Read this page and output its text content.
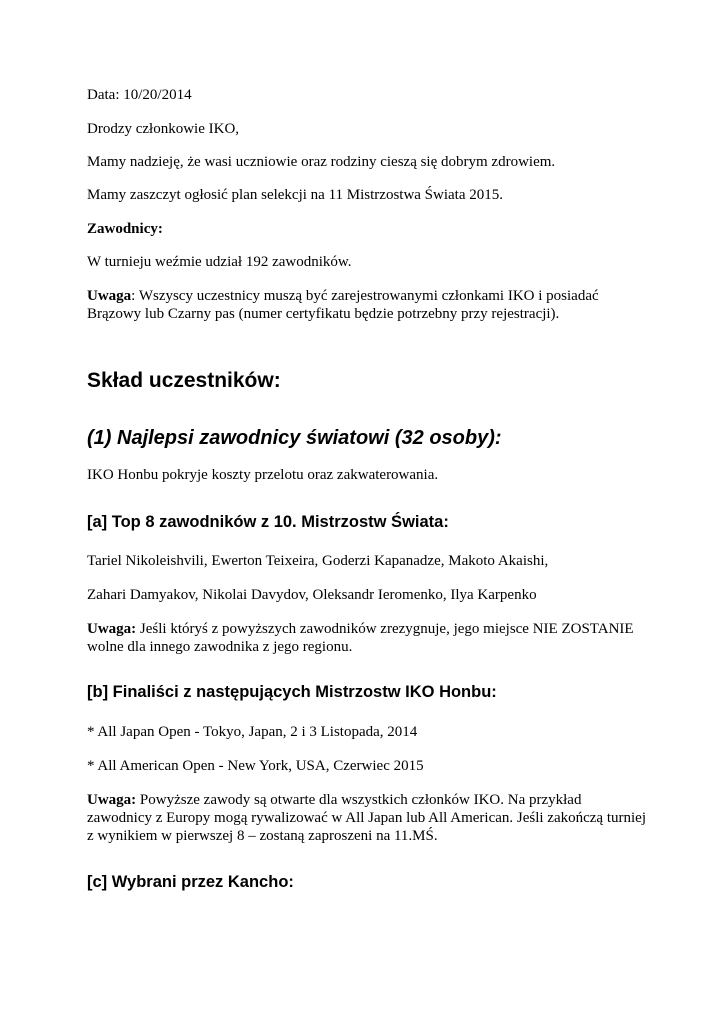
Data: 10/20/2014

Drodzy członkowie IKO,

Mamy nadzieję, że wasi uczniowie oraz rodziny cieszą się dobrym zdrowiem.

Mamy zaszczyt ogłosić plan selekcji na 11 Mistrzostwa Świata 2015.

Zawodnicy:

W turnieju weźmie udział 192 zawodników.

Uwaga: Wszyscy uczestnicy muszą być zarejestrowanymi członkami IKO i posiadać Brązowy lub Czarny pas (numer certyfikatu będzie potrzebny przy rejestracji).

Skład uczestników:
(1) Najlepsi zawodnicy światowi (32 osoby):

IKO Honbu pokryje koszty przelotu oraz zakwaterowania.

[a] Top 8 zawodników z 10. Mistrzostw Świata:

Tariel Nikoleishvili, Ewerton Teixeira, Goderzi Kapanadze, Makoto Akaishi,

Zahari Damyakov, Nikolai Davydov, Oleksandr Ieromenko, Ilya Karpenko

Uwaga: Jeśli któryś z powyższych zawodników zrezygnuje, jego miejsce NIE ZOSTANIE wolne dla innego zawodnika z jego regionu.

[b] Finaliści z następujących Mistrzostw IKO Honbu:

* All Japan Open - Tokyo, Japan, 2 i 3 Listopada, 2014

* All American Open - New York, USA, Czerwiec 2015

Uwaga: Powyższe zawody są otwarte dla wszystkich członków IKO. Na przykład zawodnicy z Europy mogą rywalizować w All Japan lub All American. Jeśli zakończą turniej z wynikiem w pierwszej 8 – zostaną zaproszeni na 11.MŚ.

[c] Wybrani przez Kancho:
